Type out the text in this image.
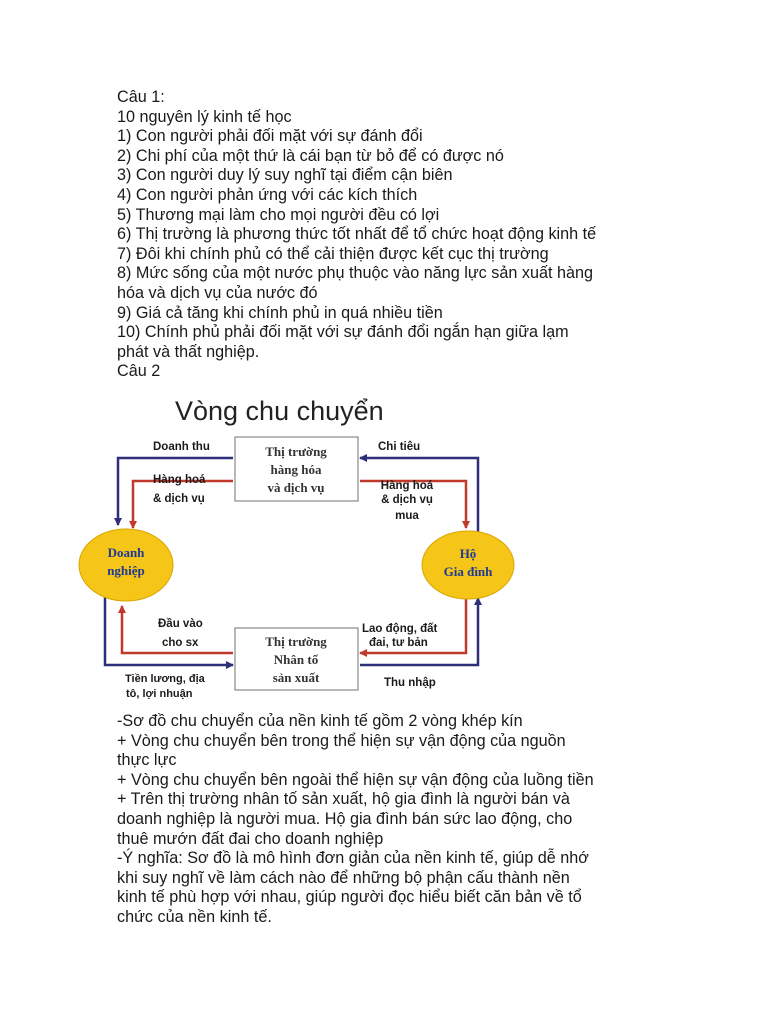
Câu 1:
10 nguyên lý kinh tế học
1) Con người phải đối mặt với sự đánh đổi
2) Chi phí của một thứ là cái bạn từ bỏ để có được nó
3) Con người duy lý suy nghĩ tại điểm cận biên
4) Con người phản ứng với các kích thích
5) Thương mại làm cho mọi người đều có lợi
6) Thị trường là phương thức tốt nhất để tổ chức hoạt động kinh tế
7) Đôi khi chính phủ có thể cải thiện được kết cục thị trường
8) Mức sống của một nước phụ thuộc vào năng lực sản xuất hàng
hóa và dịch vụ của nước đó
9) Giá cả tăng khi chính phủ in quá nhiều tiền
10) Chính phủ phải đối mặt với sự đánh đổi ngắn hạn giữa lạm
phát và thất nghiệp.
Câu 2
Vòng chu chuyển
Thị trường
hàng hóa
và dịch vụ
Thị trường
Nhân tố
sản xuất
Doanh
nghiệp
Hộ
Gia đình
Doanh thu	Chi tiêu
Hàng hoá
& dịch vụ
Hàng hoá
& dịch vụ
mua
Đầu vào
cho sx
Lao động, đất
đai, tư bản
Tiền lương, địa
tô, lợi nhuận
Thu nhập
-Sơ đồ chu chuyển của nền kinh tế gồm 2 vòng khép kín
+ Vòng chu chuyển bên trong thể hiện sự vận động của nguồn
thực lực
+ Vòng chu chuyển bên ngoài thể hiện sự vận động của luồng tiền
+ Trên thị trường nhân tố sản xuất, hộ gia đình là người bán và
doanh nghiệp là người mua. Hộ gia đình bán sức lao động, cho
thuê mướn đất đai cho doanh nghiệp
-Ý nghĩa: Sơ đồ là mô hình đơn giản của nền kinh tế, giúp dễ nhớ
khi suy nghĩ về làm cách nào để những bộ phận cấu thành nền
kinh tế phù hợp với nhau, giúp người đọc hiểu biết căn bản về tổ
chức của nền kinh tế.
